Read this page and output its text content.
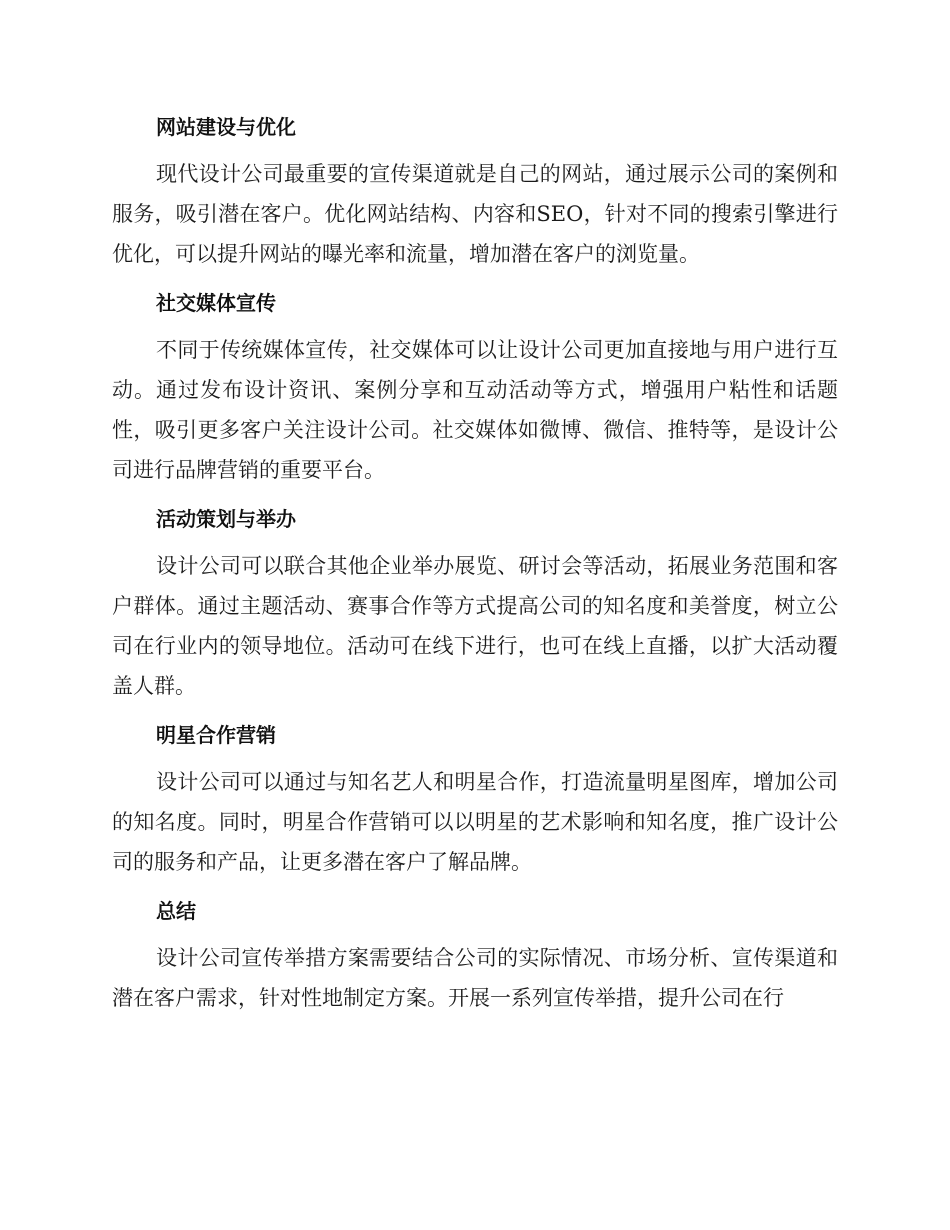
网站建设与优化
现代设计公司最重要的宣传渠道就是自己的网站，通过展示公司的案例和服务，吸引潜在客户。优化网站结构、内容和SEO，针对不同的搜索引擎进行优化，可以提升网站的曝光率和流量，增加潜在客户的浏览量。
社交媒体宣传
不同于传统媒体宣传，社交媒体可以让设计公司更加直接地与用户进行互动。通过发布设计资讯、案例分享和互动活动等方式，增强用户粘性和话题性，吸引更多客户关注设计公司。社交媒体如微博、微信、推特等，是设计公司进行品牌营销的重要平台。
活动策划与举办
设计公司可以联合其他企业举办展览、研讨会等活动，拓展业务范围和客户群体。通过主题活动、赛事合作等方式提高公司的知名度和美誉度，树立公司在行业内的领导地位。活动可在线下进行，也可在线上直播，以扩大活动覆盖人群。
明星合作营销
设计公司可以通过与知名艺人和明星合作，打造流量明星图库，增加公司的知名度。同时，明星合作营销可以以明星的艺术影响和知名度，推广设计公司的服务和产品，让更多潜在客户了解品牌。
总结
设计公司宣传举措方案需要结合公司的实际情况、市场分析、宣传渠道和潜在客户需求，针对性地制定方案。开展一系列宣传举措，提升公司在行
